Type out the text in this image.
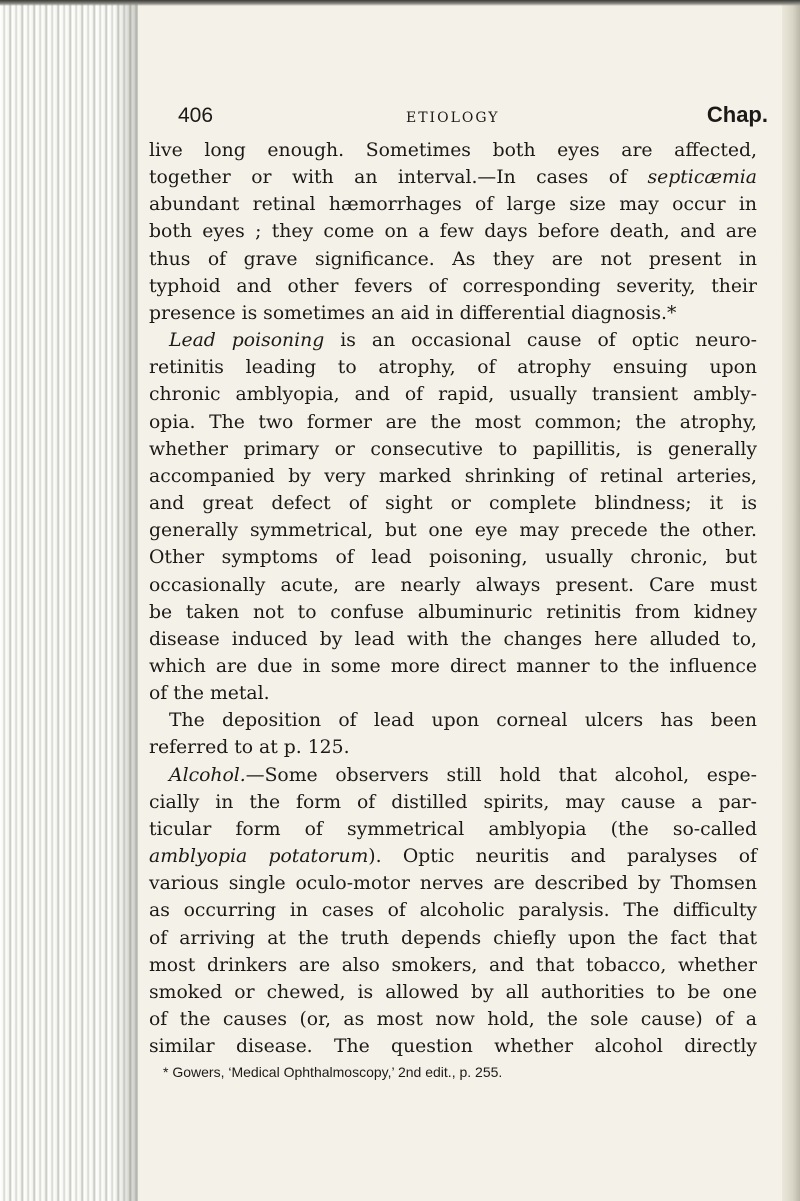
406	ETIOLOGY	Chap.
live long enough. Sometimes both eyes are affected,
together or with an interval.—In cases of septicæmia
abundant retinal hæmorrhages of large size may occur in
both eyes ; they come on a few days before death, and are
thus of grave significance. As they are not present in
typhoid and other fevers of corresponding severity, their
presence is sometimes an aid in differential diagnosis.*
Lead poisoning is an occasional cause of optic neuro-
retinitis leading to atrophy, of atrophy ensuing upon
chronic amblyopia, and of rapid, usually transient ambly-
opia. The two former are the most common; the atrophy,
whether primary or consecutive to papillitis, is generally
accompanied by very marked shrinking of retinal arteries,
and great defect of sight or complete blindness; it is
generally symmetrical, but one eye may precede the other.
Other symptoms of lead poisoning, usually chronic, but
occasionally acute, are nearly always present. Care must
be taken not to confuse albuminuric retinitis from kidney
disease induced by lead with the changes here alluded to,
which are due in some more direct manner to the influence
of the metal.
The deposition of lead upon corneal ulcers has been
referred to at p. 125.
Alcohol.—Some observers still hold that alcohol, espe-
cially in the form of distilled spirits, may cause a par-
ticular form of symmetrical amblyopia (the so-called
amblyopia potatorum). Optic neuritis and paralyses of
various single oculo-motor nerves are described by Thomsen
as occurring in cases of alcoholic paralysis. The difficulty
of arriving at the truth depends chiefly upon the fact that
most drinkers are also smokers, and that tobacco, whether
smoked or chewed, is allowed by all authorities to be one
of the causes (or, as most now hold, the sole cause) of a
similar disease. The question whether alcohol directly
* Gowers, ‘Medical Ophthalmoscopy,’ 2nd edit., p. 255.
